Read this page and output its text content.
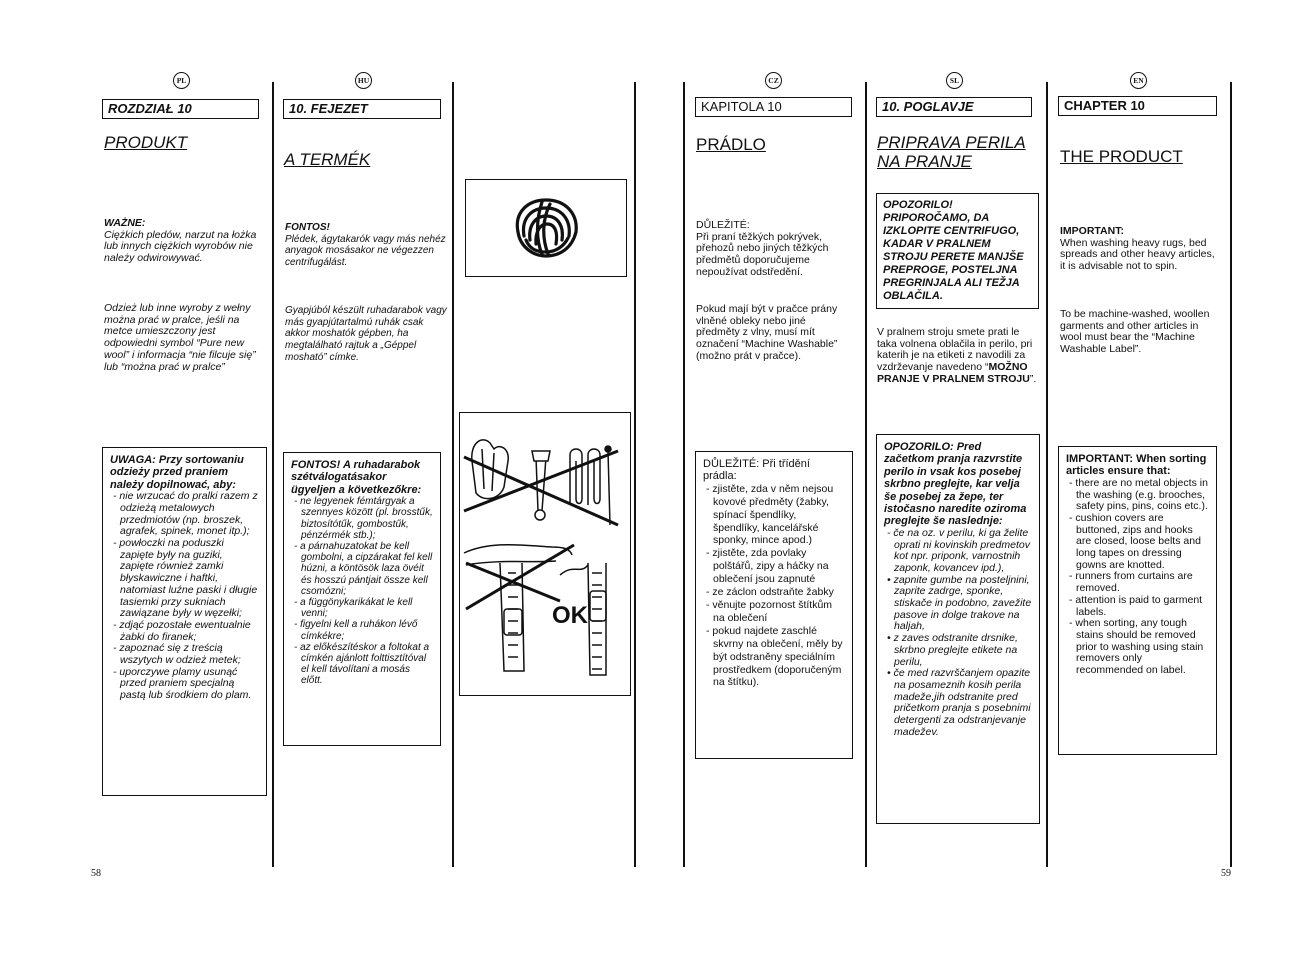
PL	HU	CZ	SL	EN
ROZDZIAŁ 10
PRODUKT
WAŻNE:
Ciężkich pledów, narzut na łożka lub innych ciężkich wyrobów nie należy odwirowywać.
Odzież lub inne wyroby z wełny można prać w pralce, jeśli na metce umieszczony jest odpowiedni symbol “Pure new wool” i informacja “nie filcuje się” lub “można prać w pralce”

UWAGA: Przy sortowaniu odzieży przed praniem należy dopilnować, aby:

- nie wrzucać do pralki razem z odzieżą metalowych przedmiotów (np. broszek, agrafek, spinek, monet itp.);
- powłoczki na poduszki zapięte były na guziki, zapięte również zamki błyskawiczne i haftki, natomiast luźne paski i długie tasiemki przy sukniach zawiązane były w węzełki;
- zdjąć pozostałe ewentualnie żabki do firanek;
- zapoznać się z treścią wszytych w odzież metek;
- uporczywe plamy usunąć przed praniem specjalną pastą lub środkiem do plam.
10. FEJEZET
A TERMÉK
FONTOS!
Plédek, ágytakarók vagy más nehéz anyagok mosásakor ne végezzen centrifugálást.
Gyapjúból készült ruhadarabok vagy más gyapjútartalmú ruhák csak akkor moshatók gépben, ha megtalálható rajtuk a „Géppel mosható” címke.

FONTOS! A ruhadarabok szétválogatásakor ügyeljen a következőkre:

- ne legyenek fémtárgyak a szennyes között (pl. brosstűk, biztosítótűk, gombostűk, pénzérmék stb.);
- a párnahuzatokat be kell gombolni, a cipzárakat fel kell húzni, a köntösök laza övéit és hosszú pántjait össze kell csomózni;
- a függönykarikákat le kell venni;
- figyelni kell a ruhákon lévő címkékre;
- az előkészítéskor a foltokat a címkén ajánlott folttisztítóval el kell távolítani a mosás előtt.
OK
KAPITOLA 10
PRÁDLO
DŮLEŽITÉ:
Při praní těžkých pokrývek, přehozů nebo jiných těžkých předmětů doporučujeme nepoužívat odstředění.
Pokud mají být v pračce prány vlněné obleky nebo jiné předměty z vlny, musí mít označení “Machine Washable” (možno prát v pračce).

DŮLEŽITÉ: Při třídění prádla:

- zjistěte, zda v něm nejsou kovové předměty (žabky, spínací špendlíky, špendlíky, kancelářské sponky, mince apod.)
- zjistěte, zda povlaky polštářů, zipy a háčky na oblečení jsou zapnuté
- ze záclon odstraňte žabky
- věnujte pozornost štítkům na oblečení
- pokud najdete zaschlé skvrny na oblečení, měly by být odstraněny speciálním prostředkem (doporučeným na štítku).
10. POGLAVJE
PRIPRAVA PERILA
NA PRANJE

OPOZORILO! PRIPOROČAMO, DA IZKLOPITE CENTRIFUGO, KADAR V PRALNEM STROJU PERETE MANJŠE PREPROGE, POSTELJNA PREGRINJALA ALI TEŽJA OBLAČILA.

V pralnem stroju smete prati le taka volnena oblačila in perilo, pri katerih je na etiketi z navodili za vzdrževanje navedeno “MOŽNO PRANJE V PRALNEM STROJU”.

OPOZORILO: Pred začetkom pranja razvrstite perilo in vsak kos posebej skrbno preglejte, kar velja še posebej za žepe, ter istočasno naredite oziroma preglejte še naslednje:

- če na oz. v perilu, ki ga želite oprati ni kovinskih predmetov kot npr. priponk, varnostnih zaponk, kovancev ipd.),
• zapnite gumbe na posteljnini, zaprite zadrge, sponke, stiskače in podobno, zavežite pasove in dolge trakove na haljah,
• z zaves odstranite drsnike, skrbno preglejte etikete na perilu,
• če med razvrščanjem opazite na posameznih kosih perila madeže,jih odstranite pred pričetkom pranja s posebnimi detergenti za odstranjevanje madežev.
CHAPTER 10
THE PRODUCT
IMPORTANT:
When washing heavy rugs, bed spreads and other heavy articles, it is advisable not to spin.
To be machine-washed, woollen garments and other articles in wool must bear the “Machine Washable Label”.

IMPORTANT: When sorting articles ensure that:

- there are no metal objects in the washing (e.g. brooches, safety pins, pins, coins etc.).
- cushion covers are buttoned, zips and hooks are closed, loose belts and long tapes on dressing gowns are knotted.
- runners from curtains are removed.
- attention is paid to garment labels.
- when sorting, any tough stains should be removed prior to washing using stain removers only recommended on label.
58	59
